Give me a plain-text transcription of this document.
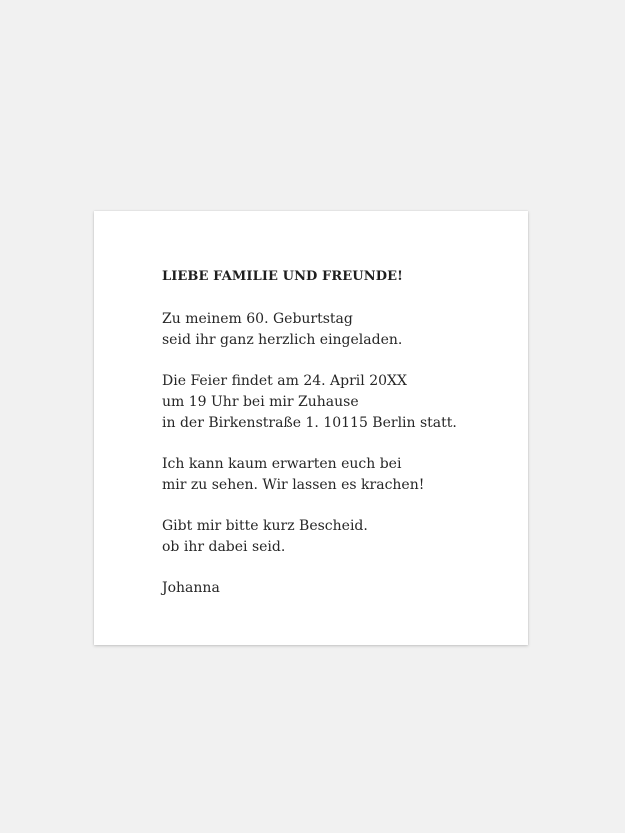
LIEBE FAMILIE UND FREUNDE!

Zu meinem 60. Geburtstag
seid ihr ganz herzlich eingeladen.

Die Feier findet am 24. April 20XX
um 19 Uhr bei mir Zuhause
in der Birkenstraße 1. 10115 Berlin statt.

Ich kann kaum erwarten euch bei
mir zu sehen. Wir lassen es krachen!

Gibt mir bitte kurz Bescheid.
ob ihr dabei seid.

Johanna
